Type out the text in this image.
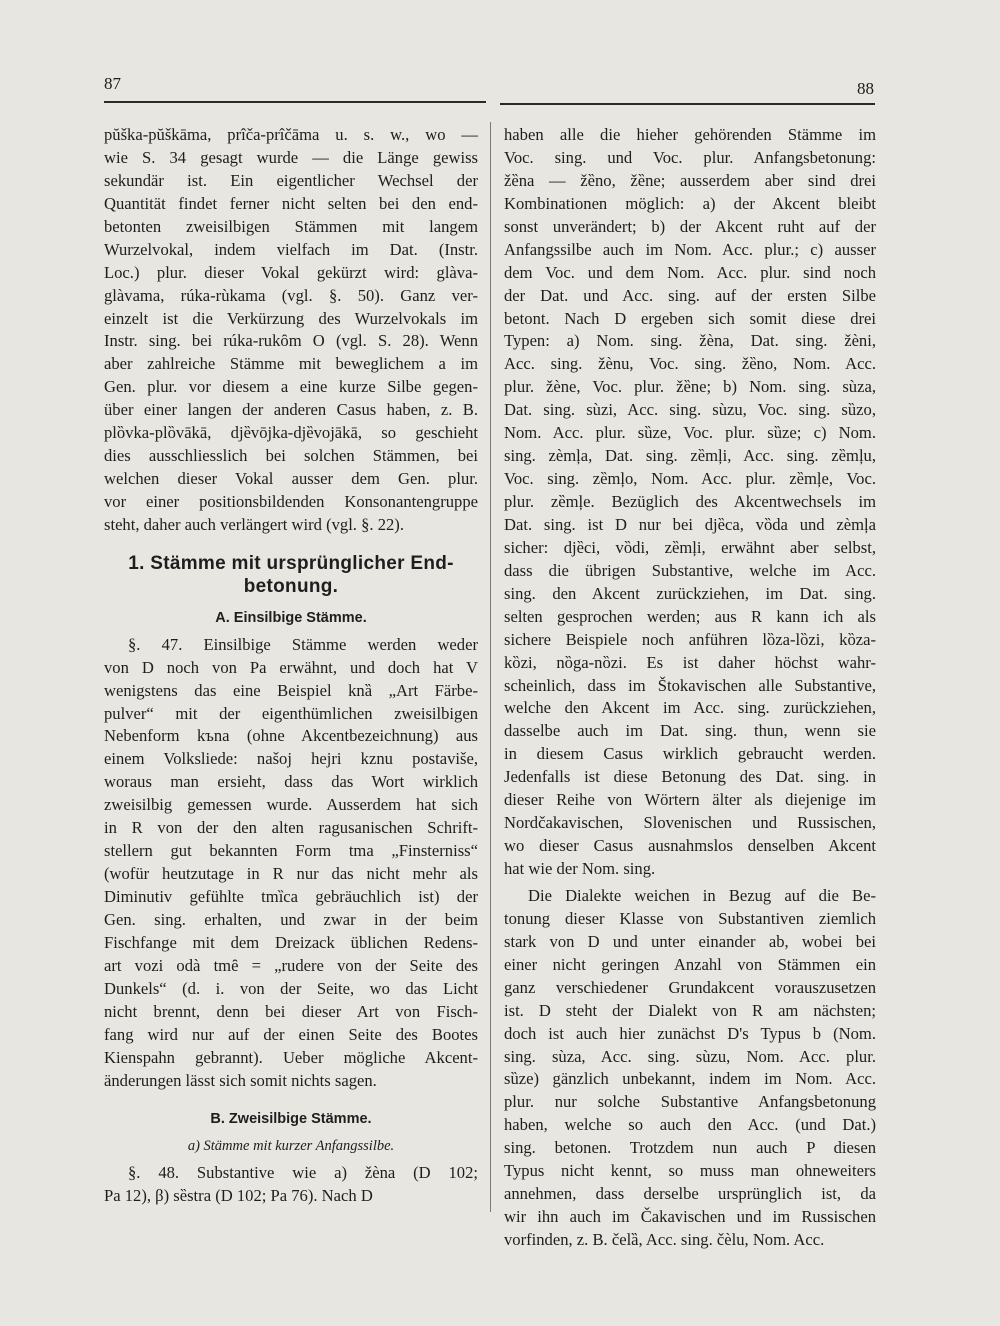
87	88
pŭška-pŭškāma, prîča-prîčāma u. s. w., wo —
wie S. 34 gesagt wurde — die Länge gewiss
sekundär ist. Ein eigentlicher Wechsel der
Quantität findet ferner nicht selten bei den end-
betonten zweisilbigen Stämmen mit langem
Wurzelvokal, indem vielfach im Dat. (Instr.
Loc.) plur. dieser Vokal gekürzt wird: glàva-
glàvama, rúka-rùkama (vgl. §. 50). Ganz ver-
einzelt ist die Verkürzung des Wurzelvokals im
Instr. sing. bei rúka-rukȏm O (vgl. S. 28). Wenn
aber zahlreiche Stämme mit beweglichem a im
Gen. plur. vor diesem a eine kurze Silbe gegen-
über einer langen der anderen Casus haben, z. B.
plȍvka-plȍvākā, djȅvōjka-djȅvojākā, so geschieht
dies ausschliesslich bei solchen Stämmen, bei
welchen dieser Vokal ausser dem Gen. plur.
vor einer positionsbildenden Konsonantengruppe
steht, daher auch verlängert wird (vgl. §. 22).
1. Stämme mit ursprünglicher End-
betonung.
A. Einsilbige Stämme.
§. 47. Einsilbige Stämme werden weder
von D noch von Pa erwähnt, und doch hat V
wenigstens das eine Beispiel knȁ „Art Färbe-
pulver“ mit der eigenthümlichen zweisilbigen
Nebenform kъna (ohne Akcentbezeichnung) aus
einem Volksliede: našoj hejri kznu postaviše,
woraus man ersieht, dass das Wort wirklich
zweisilbig gemessen wurde. Ausserdem hat sich
in R von der den alten ragusanischen Schrift-
stellern gut bekannten Form tma „Finsterniss“
(wofür heutzutage in R nur das nicht mehr als
Diminutiv gefühlte tmȉca gebräuchlich ist) der
Gen. sing. erhalten, und zwar in der beim
Fischfange mit dem Dreizack üblichen Redens-
art vozi odà tmȇ = „rudere von der Seite des
Dunkels“ (d. i. von der Seite, wo das Licht
nicht brennt, denn bei dieser Art von Fisch-
fang wird nur auf der einen Seite des Bootes
Kienspahn gebrannt). Ueber mögliche Akcent-
änderungen lässt sich somit nichts sagen.
B. Zweisilbige Stämme.
a) Stämme mit kurzer Anfangssilbe.
§. 48. Substantive wie a) žèna (D 102;
Pa 12), β) sȅstra (D 102; Pa 76). Nach D
haben alle die hieher gehörenden Stämme im
Voc. sing. und Voc. plur. Anfangsbetonung:
žȅna — žȅno, žȅne; ausserdem aber sind drei
Kombinationen möglich: a) der Akcent bleibt
sonst unverändert; b) der Akcent ruht auf der
Anfangssilbe auch im Nom. Acc. plur.; c) ausser
dem Voc. und dem Nom. Acc. plur. sind noch
der Dat. und Acc. sing. auf der ersten Silbe
betont. Nach D ergeben sich somit diese drei
Typen: a) Nom. sing. žèna, Dat. sing. žèni,
Acc. sing. žènu, Voc. sing. žȅno, Nom. Acc.
plur. žène, Voc. plur. žȅne; b) Nom. sing. sùza,
Dat. sing. sùzi, Acc. sing. sùzu, Voc. sing. sȕzo,
Nom. Acc. plur. sȕze, Voc. plur. sȕze; c) Nom.
sing. zèmļa, Dat. sing. zȅmļi, Acc. sing. zȅmļu,
Voc. sing. zȅmļo, Nom. Acc. plur. zȅmļe, Voc.
plur. zȅmļe. Bezüglich des Akcentwechsels im
Dat. sing. ist D nur bei djȅca, vȍda und zèmļa
sicher: djȅci, vȍdi, zȅmļi, erwähnt aber selbst,
dass die übrigen Substantive, welche im Acc.
sing. den Akcent zurückziehen, im Dat. sing.
selten gesprochen werden; aus R kann ich als
sichere Beispiele noch anführen lȍza-lȍzi, kȍza-
kȍzi, nȍga-nȍzi. Es ist daher höchst wahr-
scheinlich, dass im Štokavischen alle Substantive,
welche den Akcent im Acc. sing. zurückziehen,
dasselbe auch im Dat. sing. thun, wenn sie
in diesem Casus wirklich gebraucht werden.
Jedenfalls ist diese Betonung des Dat. sing. in
dieser Reihe von Wörtern älter als diejenige im
Nordčakavischen, Slovenischen und Russischen,
wo dieser Casus ausnahmslos denselben Akcent
hat wie der Nom. sing.
Die Dialekte weichen in Bezug auf die Be-
tonung dieser Klasse von Substantiven ziemlich
stark von D und unter einander ab, wobei bei
einer nicht geringen Anzahl von Stämmen ein
ganz verschiedener Grundakcent vorauszusetzen
ist. D steht der Dialekt von R am nächsten;
doch ist auch hier zunächst D's Typus b (Nom.
sing. sùza, Acc. sing. sùzu, Nom. Acc. plur.
sȕze) gänzlich unbekannt, indem im Nom. Acc.
plur. nur solche Substantive Anfangsbetonung
haben, welche so auch den Acc. (und Dat.)
sing. betonen. Trotzdem nun auch P diesen
Typus nicht kennt, so muss man ohneweiters
annehmen, dass derselbe ursprünglich ist, da
wir ihn auch im Čakavischen und im Russischen
vorfinden, z. B. čelȁ, Acc. sing. čèlu, Nom. Acc.
